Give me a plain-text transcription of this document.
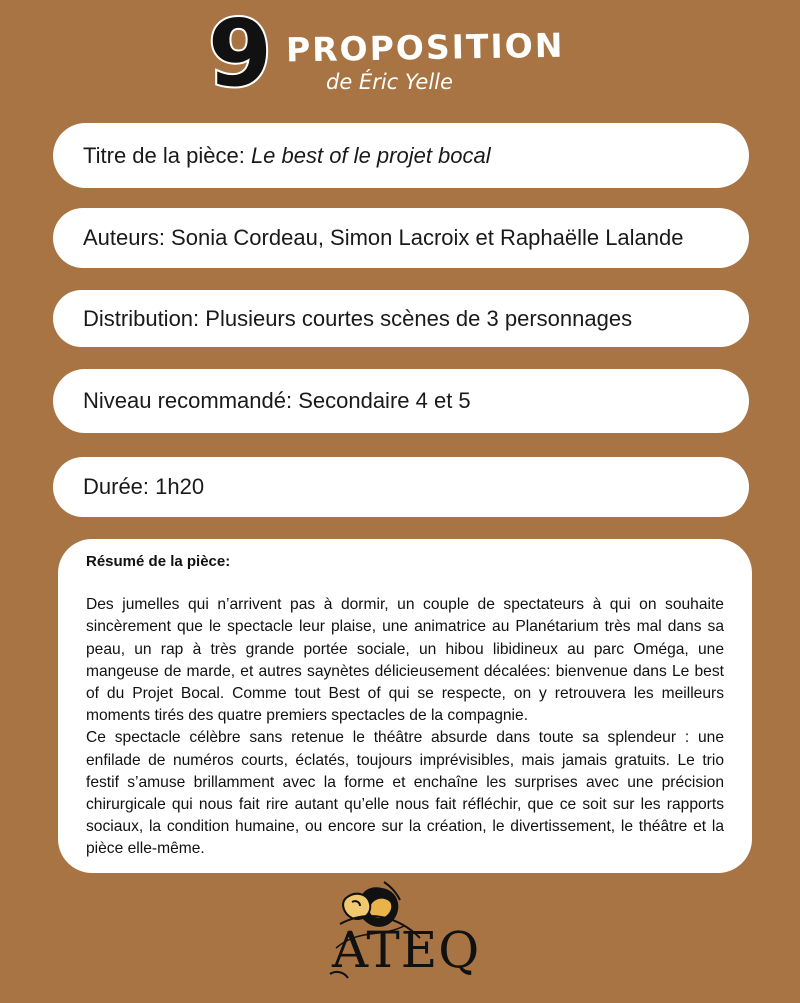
9 PROPOSITION
de Éric Yelle
Titre de la pièce: Le best of le projet bocal
Auteurs: Sonia Cordeau, Simon Lacroix et Raphaëlle Lalande
Distribution: Plusieurs courtes scènes de 3 personnages
Niveau recommandé: Secondaire 4 et 5
Durée: 1h20
Résumé de la pièce:

Des jumelles qui n’arrivent pas à dormir, un couple de spectateurs à qui on souhaite sincèrement que le spectacle leur plaise, une animatrice au Planétarium très mal dans sa peau, un rap à très grande portée sociale, un hibou libidineux au parc Oméga, une mangeuse de marde, et autres saynètes délicieusement décalées: bienvenue dans Le best of du Projet Bocal. Comme tout Best of qui se respecte, on y retrouvera les meilleurs moments tirés des quatre premiers spectacles de la compagnie.

Ce spectacle célèbre sans retenue le théâtre absurde dans toute sa splendeur : une enfilade de numéros courts, éclatés, toujours imprévisibles, mais jamais gratuits. Le trio festif s’amuse brillamment avec la forme et enchaîne les surprises avec une précision chirurgicale qui nous fait rire autant qu’elle nous fait réfléchir, que ce soit sur les rapports sociaux, la condition humaine, ou encore sur la création, le divertissement, le théâtre et la pièce elle-même.

ATEQ
